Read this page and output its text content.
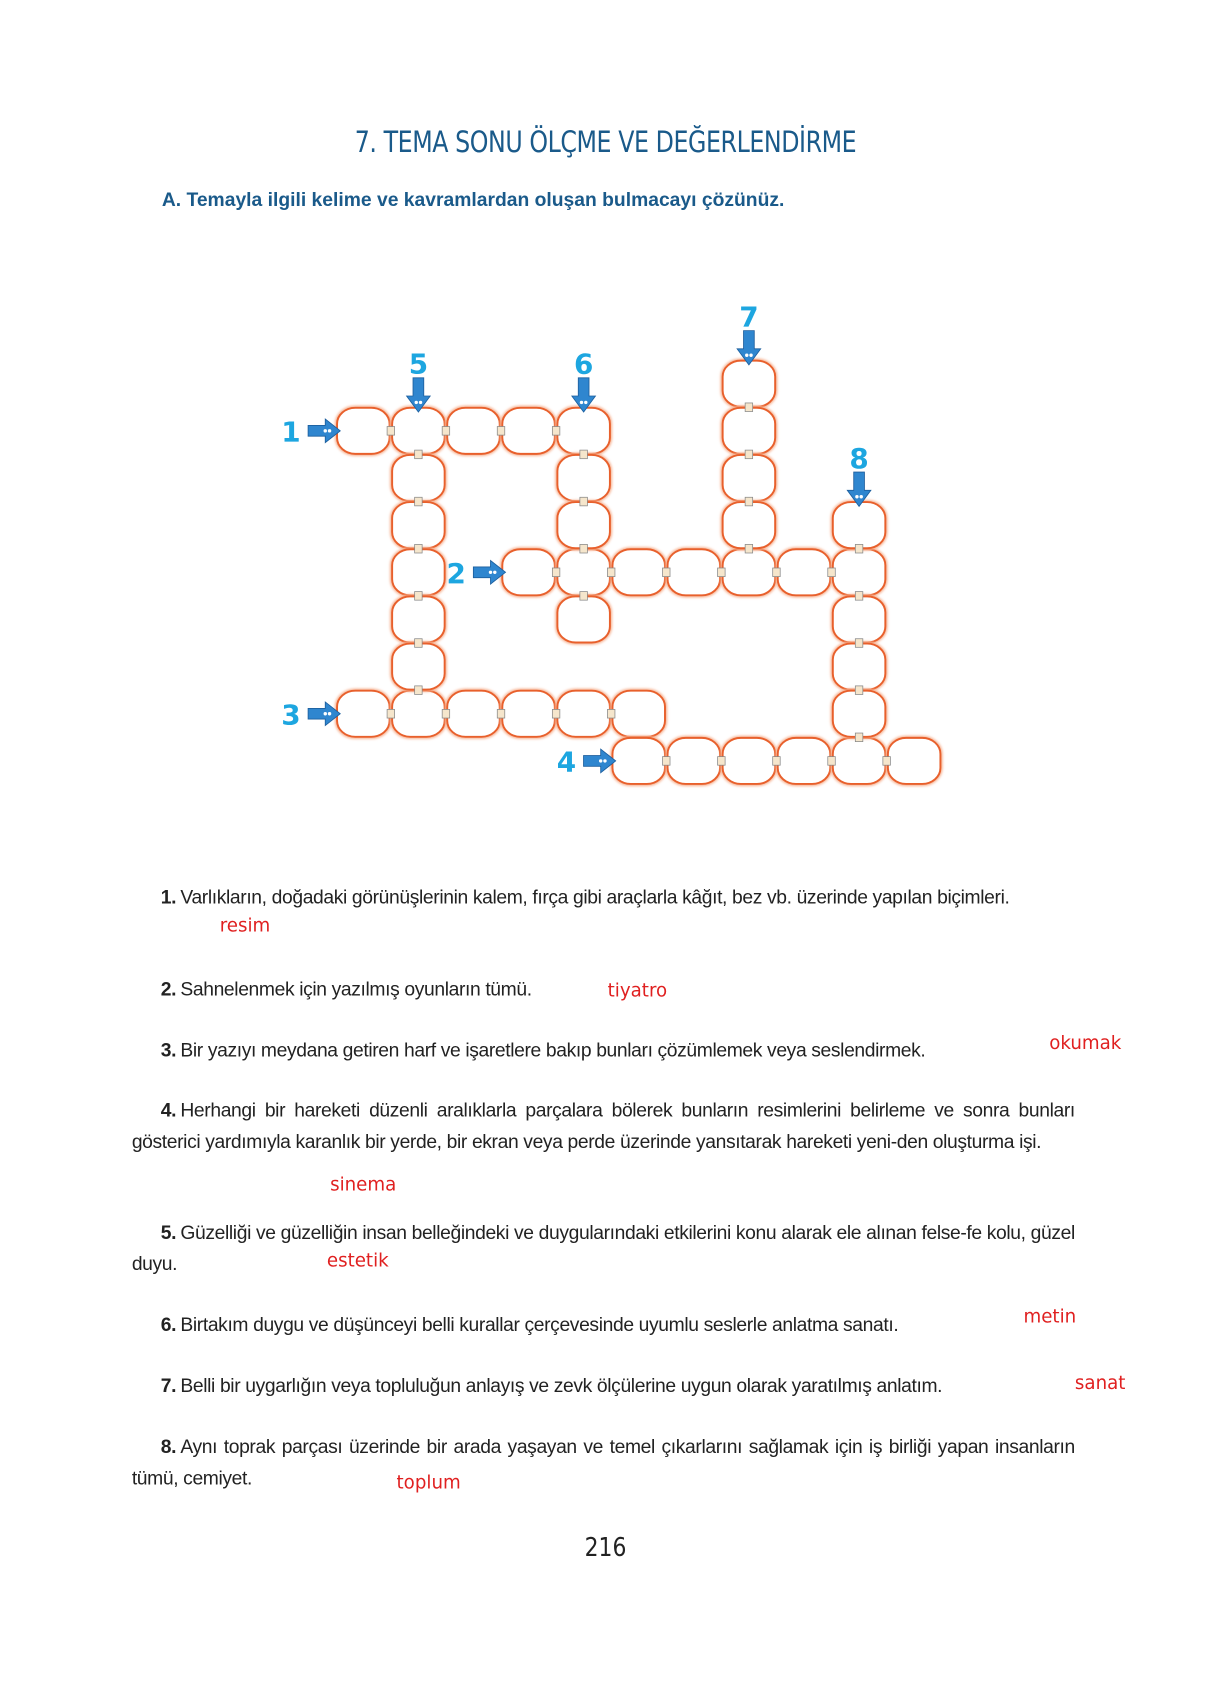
7. TEMA SONU ÖLÇME VE DEĞERLENDİRME
A. Temayla ilgili kelime ve kavramlardan oluşan bulmacayı çözünüz.
1
2
3
4
5	6
7
8
1. Varlıkların, doğadaki görünüşlerinin kalem, fırça gibi araçlarla kâğıt, bez vb. üzerinde yapılan biçimleri.
resim
2. Sahnelenmek için yazılmış oyunların tümü.	tiyatro
3. Bir yazıyı meydana getiren harf ve işaretlere bakıp bunları çözümlemek veya seslendirmek.	okumak
4. Herhangi bir hareketi düzenli aralıklarla parçalara bölerek bunların resimlerini belirleme ve sonra bunları gösterici yardımıyla karanlık bir yerde, bir ekran veya perde üzerinde yansıtarak hareketi yeni-den oluşturma işi.
sinema
5. Güzelliği ve güzelliğin insan belleğindeki ve duygularındaki etkilerini konu alarak ele alınan felse-fe kolu, güzel duyu.	estetik
6. Birtakım duygu ve düşünceyi belli kurallar çerçevesinde uyumlu seslerle anlatma sanatı.	metin
7. Belli bir uygarlığın veya topluluğun anlayış ve zevk ölçülerine uygun olarak yaratılmış anlatım.	sanat
8. Aynı toprak parçası üzerinde bir arada yaşayan ve temel çıkarlarını sağlamak için iş birliği yapan insanların tümü, cemiyet.	toplum
216
